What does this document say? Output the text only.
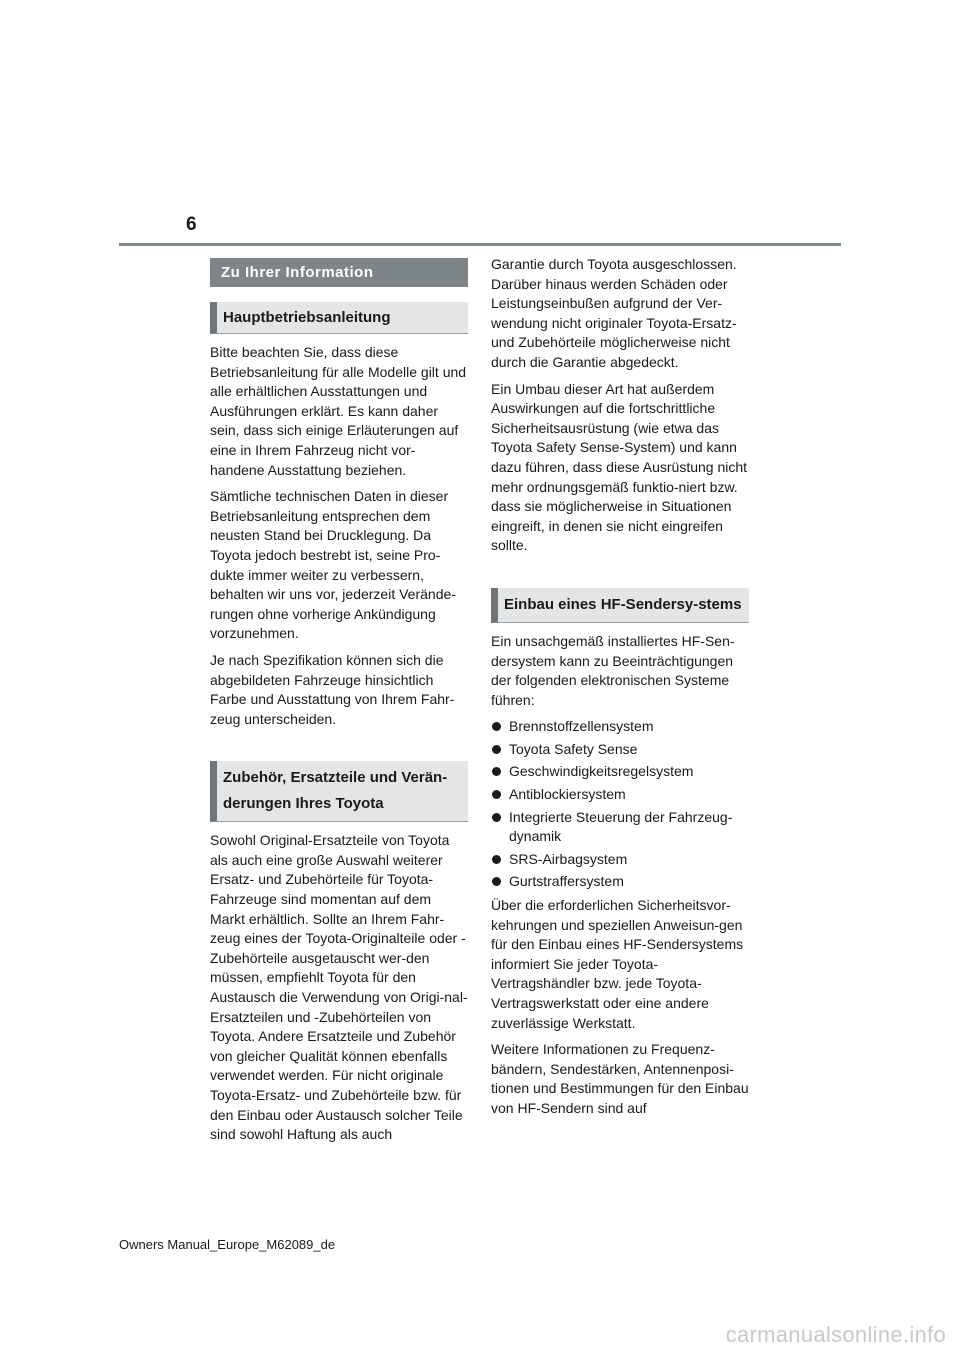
6
Zu Ihrer Information
Hauptbetriebsanleitung

Bitte beachten Sie, dass diese Betriebsanleitung für alle Modelle gilt und alle erhältlichen Ausstattungen und Ausführungen erklärt. Es kann daher sein, dass sich einige Erläuterungen auf eine in Ihrem Fahrzeug nicht vor-handene Ausstattung beziehen.

Sämtliche technischen Daten in dieser Betriebsanleitung entsprechen dem neusten Stand bei Drucklegung. Da Toyota jedoch bestrebt ist, seine Pro-dukte immer weiter zu verbessern, behalten wir uns vor, jederzeit Verände-rungen ohne vorherige Ankündigung vorzunehmen.

Je nach Spezifikation können sich die abgebildeten Fahrzeuge hinsichtlich Farbe und Ausstattung von Ihrem Fahr-zeug unterscheiden.

Zubehör, Ersatzteile und Verän-derungen Ihres Toyota

Sowohl Original-Ersatzteile von Toyota als auch eine große Auswahl weiterer Ersatz- und Zubehörteile für Toyota-Fahrzeuge sind momentan auf dem Markt erhältlich. Sollte an Ihrem Fahr-zeug eines der Toyota-Originalteile oder -Zubehörteile ausgetauscht wer-den müssen, empfiehlt Toyota für den Austausch die Verwendung von Origi-nal-Ersatzteilen und -Zubehörteilen von Toyota. Andere Ersatzteile und Zubehör von gleicher Qualität können ebenfalls verwendet werden. Für nicht originale Toyota-Ersatz- und Zubehörteile bzw. für den Einbau oder Austausch solcher Teile sind sowohl Haftung als auch

Garantie durch Toyota ausgeschlossen. Darüber hinaus werden Schäden oder Leistungseinbußen aufgrund der Ver-wendung nicht originaler Toyota-Ersatz- und Zubehörteile möglicherweise nicht durch die Garantie abgedeckt.

Ein Umbau dieser Art hat außerdem Auswirkungen auf die fortschrittliche Sicherheitsausrüstung (wie etwa das Toyota Safety Sense-System) und kann dazu führen, dass diese Ausrüstung nicht mehr ordnungsgemäß funktio-niert bzw. dass sie möglicherweise in Situationen eingreift, in denen sie nicht eingreifen sollte.

Einbau eines HF-Sendersy-stems

Ein unsachgemäß installiertes HF-Sen-dersystem kann zu Beeinträchtigungen der folgenden elektronischen Systeme führen:

Brennstoffzellensystem
Toyota Safety Sense
Geschwindigkeitsregelsystem
Antiblockiersystem
Integrierte Steuerung der Fahrzeug-dynamik
SRS-Airbagsystem
Gurtstraffersystem

Über die erforderlichen Sicherheitsvor-kehrungen und speziellen Anweisun-gen für den Einbau eines HF-Sendersystems informiert Sie jeder Toyota-Vertragshändler bzw. jede Toyota-Vertragswerkstatt oder eine andere zuverlässige Werkstatt.

Weitere Informationen zu Frequenz-bändern, Sendestärken, Antennenposi-tionen und Bestimmungen für den Einbau von HF-Sendern sind auf

Owners Manual_Europe_M62089_de
carmanualsonline.info
